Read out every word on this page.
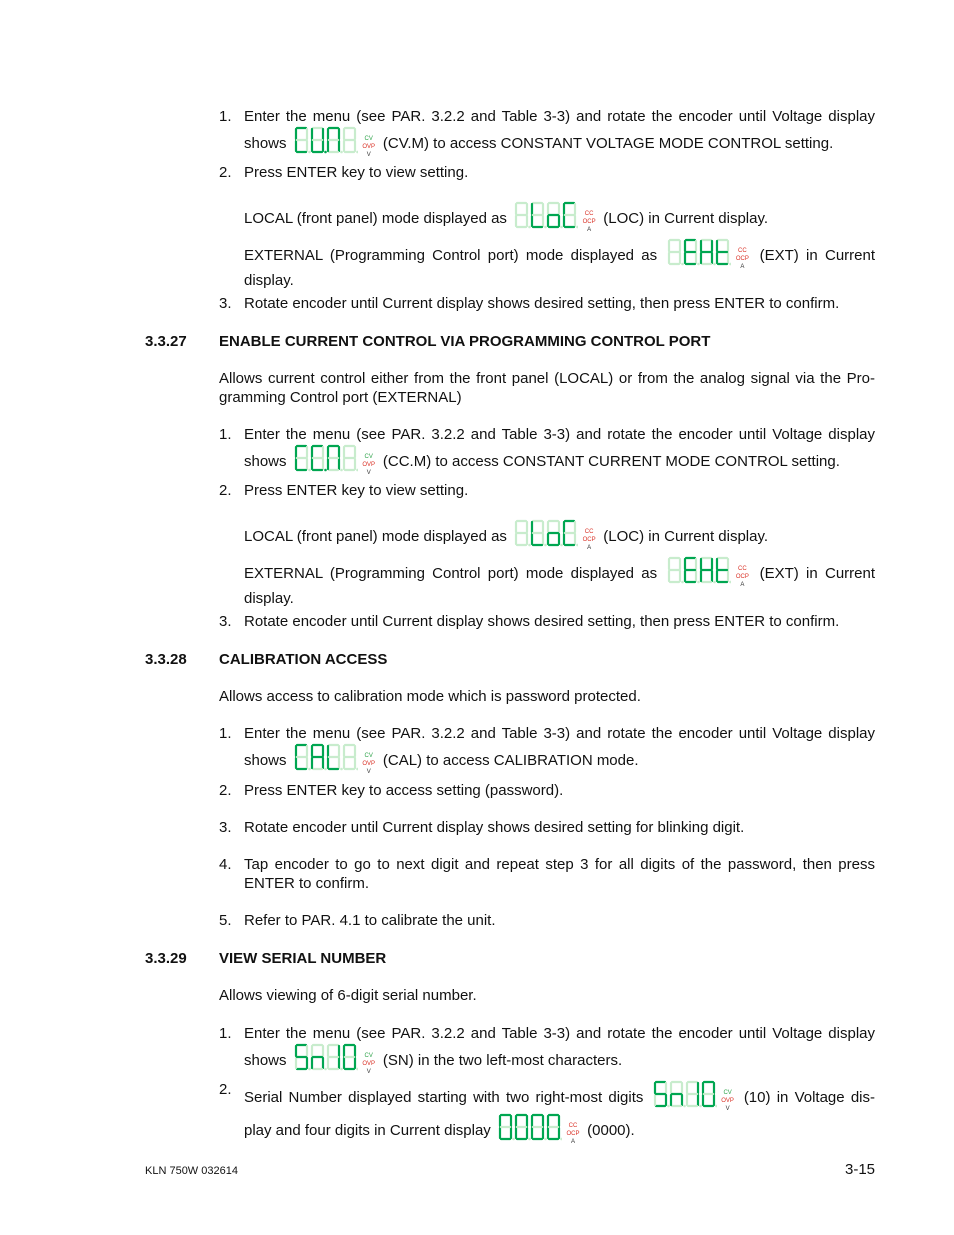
1. Enter the menu (see PAR. 3.2.2 and Table 3-3) and rotate the encoder until Voltage display shows	CV
OVP
V
(CV.M) to access CONSTANT VOLTAGE MODE CONTROL setting.
2. Press ENTER key to view setting.
LOCAL (front panel) mode displayed as	CC
OCP
A
(LOC) in Current display.
EXTERNAL (Programming Control port) mode displayed as	CC
OCP
A
(EXT) in Current display.
3. Rotate encoder until Current display shows desired setting, then press ENTER to confirm.
3.3.27 ENABLE CURRENT CONTROL VIA PROGRAMMING CONTROL PORT
Allows current control either from the front panel (LOCAL) or from the analog signal via the Pro-gramming Control port (EXTERNAL)
1. Enter the menu (see PAR. 3.2.2 and Table 3-3) and rotate the encoder until Voltage display shows	CV
OVP
V
(CC.M) to access CONSTANT CURRENT MODE CONTROL setting.
2. Press ENTER key to view setting.
LOCAL (front panel) mode displayed as	CC
OCP
A
(LOC) in Current display.
EXTERNAL (Programming Control port) mode displayed as	CC
OCP
A
(EXT) in Current display.
3. Rotate encoder until Current display shows desired setting, then press ENTER to confirm.
3.3.28 CALIBRATION ACCESS
Allows access to calibration mode which is password protected.
1. Enter the menu (see PAR. 3.2.2 and Table 3-3) and rotate the encoder until Voltage display shows	CV
OVP
V
(CAL) to access CALIBRATION mode.
2. Press ENTER key to access setting (password).
3. Rotate encoder until Current display shows desired setting for blinking digit.
4. Tap encoder to go to next digit and repeat step 3 for all digits of the password, then press ENTER to confirm.
5. Refer to PAR. 4.1 to calibrate the unit.
3.3.29 VIEW SERIAL NUMBER
Allows viewing of 6-digit serial number.
1. Enter the menu (see PAR. 3.2.2 and Table 3-3) and rotate the encoder until Voltage display shows	CV
OVP
V
(SN) in the two left-most characters.
2. Serial Number displayed starting with two right-most digits	CV
OVP
V
(10) in Voltage dis-play and four digits in Current display	CC
OCP
A
(0000).
KLN 750W 032614	3-15
